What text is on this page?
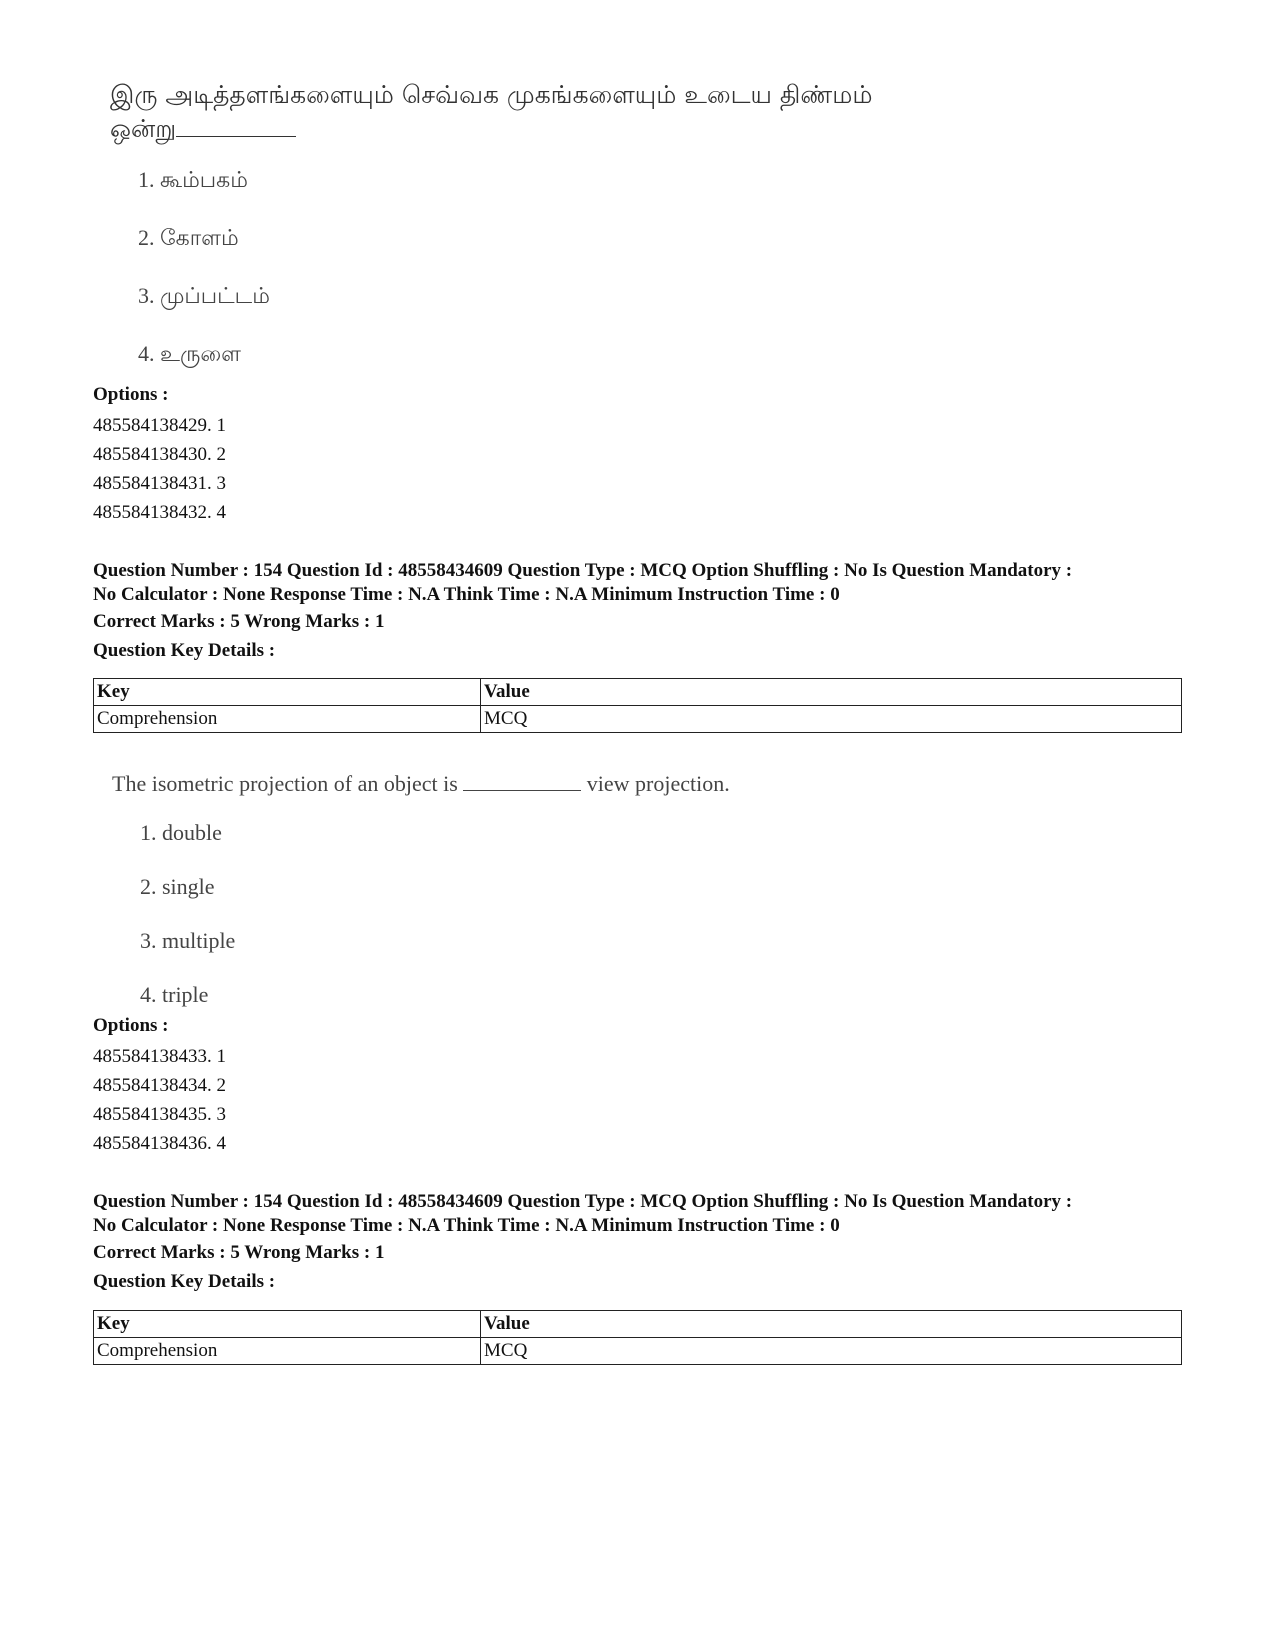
இரு அடித்தளங்களையும் செவ்வக முகங்களையும் உடைய திண்மம்
ஒன்று
1. கூம்பகம்
2. கோளம்
3. முப்பட்டம்
4. உருளை
Options :
485584138429. 1
485584138430. 2
485584138431. 3
485584138432. 4
Question Number : 154 Question Id : 48558434609 Question Type : MCQ Option Shuffling : No Is Question Mandatory :
No Calculator : None Response Time : N.A Think Time : N.A Minimum Instruction Time : 0
Correct Marks : 5 Wrong Marks : 1
Question Key Details :
Key	Value
Comprehension	MCQ
The isometric projection of an object is	view projection.
1. double
2. single
3. multiple
4. triple
Options :
485584138433. 1
485584138434. 2
485584138435. 3
485584138436. 4
Question Number : 154 Question Id : 48558434609 Question Type : MCQ Option Shuffling : No Is Question Mandatory :
No Calculator : None Response Time : N.A Think Time : N.A Minimum Instruction Time : 0
Correct Marks : 5 Wrong Marks : 1
Question Key Details :
Key	Value
Comprehension	MCQ
